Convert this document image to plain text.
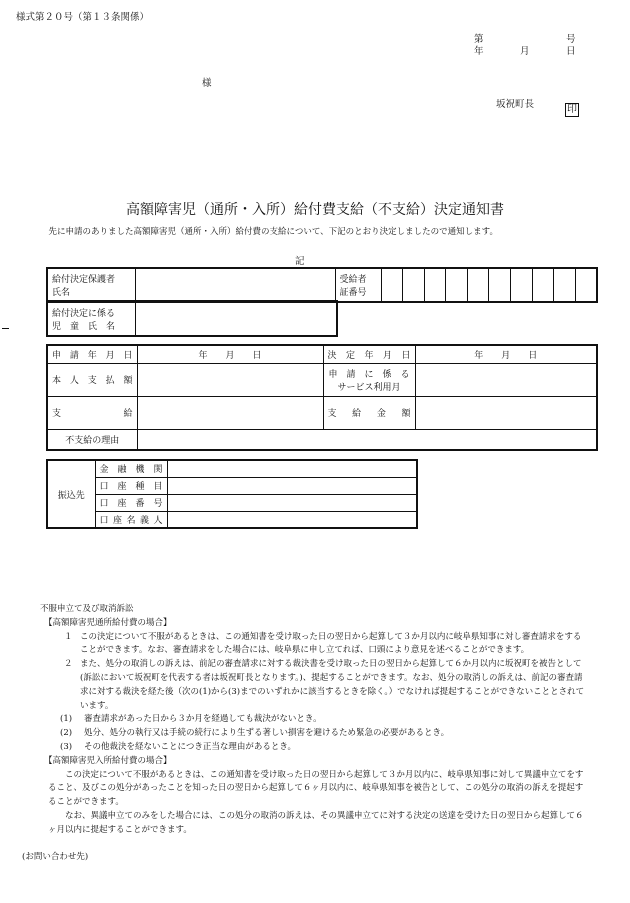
様式第２０号（第１３条関係）
第	号
年	月	日
様
坂祝町長	印
高額障害児（通所・入所）給付費支給（不支給）決定通知書
先に申請のありました高額障害児（通所・入所）給付費の支給について、下記のとおり決定しましたので通知します。
記
給付決定保護者
氏名		受給者
証番号										
給付決定に係る
児　童　氏　名	
申請年月日	年　　 月　　 日	決定年月日	年　　 月　　 日
本人支払額		申　請　に　係　る
サービス利用月	
支給		支給金額	
不支給の理由			
振込先	金融機関	
	口座種目	
	口座番号	
	口座名義人	

不服申立て及び取消訴訟

【高額障害児通所給付費の場合】

１ この決定について不服があるときは、この通知書を受け取った日の翌日から起算して３か月以内に岐阜県知事に対し審査請求をすることができます。なお、審査請求をした場合には、岐阜県に申し立てれば、口頭により意見を述べることができます。

２ また、処分の取消しの訴えは、前記の審査請求に対する裁決書を受け取った日の翌日から起算して６か月以内に坂祝町を被告として(訴訟において坂祝町を代表する者は坂祝町長となります。)、提起することができます。なお、処分の取消しの訴えは、前記の審査請求に対する裁決を経た後（次の(1)から(3)までのいずれかに該当するときを除く。）でなければ提起することができないこととされています。

(1) 審査請求があった日から３か月を経過しても裁決がないとき。

(2) 処分、処分の執行又は手続の続行により生ずる著しい損害を避けるため緊急の必要があるとき。

(3) その他裁決を経ないことにつき正当な理由があるとき。

【高額障害児入所給付費の場合】

この決定について不服があるときは、この通知書を受け取った日の翌日から起算して３か月以内に、岐阜県知事に対して異議申立てをすること、及びこの処分があったことを知った日の翌日から起算して６ヶ月以内に、岐阜県知事を被告として、この処分の取消の訴えを提起することができます。

なお、異議申立てのみをした場合には、この処分の取消の訴えは、その異議申立てに対する決定の送達を受けた日の翌日から起算して６ヶ月以内に提起することができます。

(お問い合わせ先)
